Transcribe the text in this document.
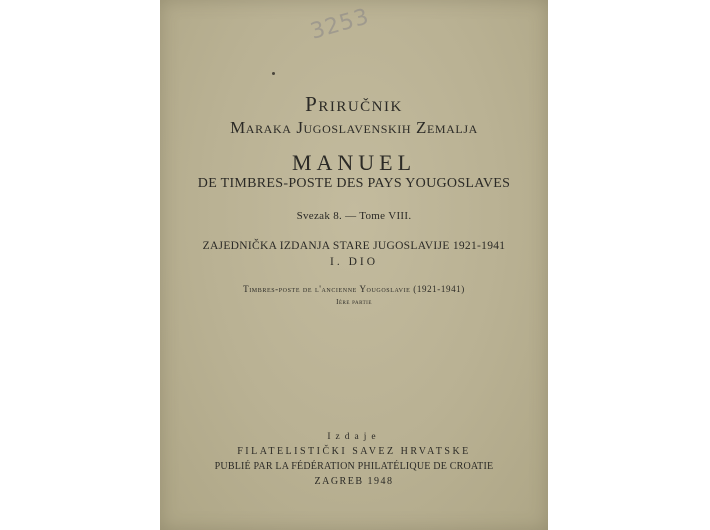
3253
Priručnik
Maraka Jugoslavenskih Zemalja
MANUEL
DE TIMBRES-POSTE DES PAYS YOUGOSLAVES
Svezak 8. — Tome VIII.
ZAJEDNIČKA IZDANJA STARE JUGOSLAVIJE 1921-1941
I. DIO
Timbres-poste de l'ancienne Yougoslavie (1921-1941)
Ière partie
Izdaje
FILATELISTIČKI SAVEZ HRVATSKE
PUBLIÉ PAR LA FÉDÉRATION PHILATÉLIQUE DE CROATIE
ZAGREB 1948
